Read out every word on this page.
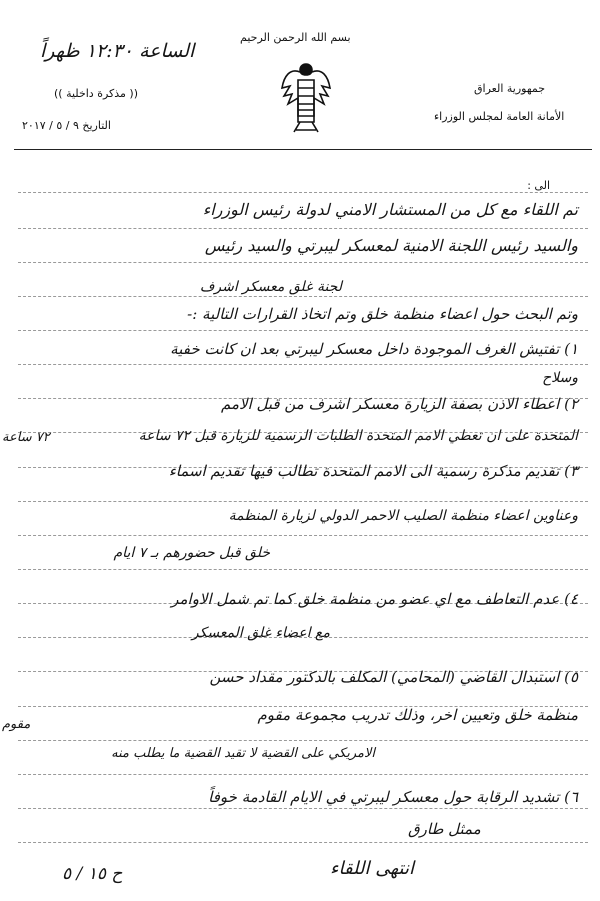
بسم الله الرحمن الرحيم
جمهورية العراق
الأمانة العامة لمجلس الوزراء
الساعة ١٢:٣٠ ظهراً
(( مذكرة داخلية ))
التاريخ ٩ / ٥ / ٢٠١٧
الى :
تم اللقاء مع كل من المستشار الامني لدولة رئيس الوزراء
والسيد رئيس اللجنة الامنية لمعسكر ليبرتي والسيد رئيس
لجنة غلق معسكر اشرف
وتم البحث حول اعضاء منظمة خلق وتم اتخاذ القرارات التالية :-
١) تفتيش الغرف الموجودة داخل معسكر ليبرتي بعد ان كانت خفية
وسلاح
٢) اعطاء الاذن بصفة الزيارة معسكر اشرف من قبل الامم
المتحدة على ان تعطي الامم المتحدة الطلبات الرسمية للزيارة قبل ٧٢ ساعة
٣) تقديم مذكرة رسمية الى الامم المتحدة تطالب فيها تقديم اسماء
وعناوين اعضاء منظمة الصليب الاحمر الدولي لزيارة المنظمة
خلق قبل حضورهم بـ ٧ ايام
٤) عدم التعاطف مع اي عضو من منظمة خلق كما تم شمل الاوامر
مع اعضاء غلق المعسكر
٥) استبدال القاضي (المحامي) المكلف بالدكتور مقداد حسن
منظمة خلق وتعيين اخر، وذلك تدريب مجموعة مقوم
الامريكي على القضية لا تقيد القضية ما يطلب منه
٦) تشديد الرقابة حول معسكر ليبرتي في الايام القادمة خوفاً
٧٢ ساعة
مقوم
ممثل طارق
ح ١٥ / ٥	انتهى اللقاء
